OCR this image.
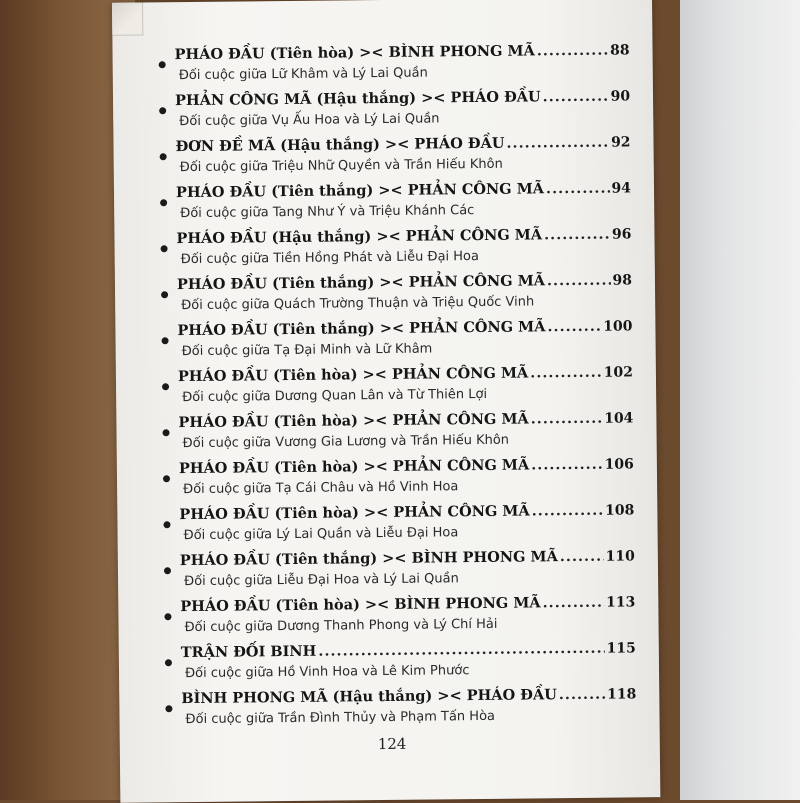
PHÁO ĐẦU (Tiên hòa) >< BÌNH PHONG MÃ .....	88
Đối cuộc giữa Lữ Khâm và Lý Lai Quần
PHẢN CÔNG MÃ (Hậu thắng) >< PHÁO ĐẦU .....	90
Đối cuộc giữa Vụ Ấu Hoa và Lý Lai Quần
ĐƠN ĐỀ MÃ (Hậu thắng) >< PHÁO ĐẦU .....	92
Đối cuộc giữa Triệu Nhữ Quyền và Trần Hiếu Khôn
PHÁO ĐẦU (Tiên thắng) >< PHẢN CÔNG MÃ .....	94
Đối cuộc giữa Tang Như Ý và Triệu Khánh Các
PHÁO ĐẦU (Hậu thắng) >< PHẢN CÔNG MÃ .....	96
Đối cuộc giữa Tiền Hồng Phát và Liễu Đại Hoa
PHÁO ĐẦU (Tiên thắng) >< PHẢN CÔNG MÃ .....	98
Đối cuộc giữa Quách Trường Thuận và Triệu Quốc Vinh
PHÁO ĐẦU (Tiên thắng) >< PHẢN CÔNG MÃ .....	100
Đối cuộc giữa Tạ Đại Minh và Lữ Khâm
PHÁO ĐẦU (Tiên hòa) >< PHẢN CÔNG MÃ .....	102
Đối cuộc giữa Dương Quan Lân và Từ Thiên Lợi
PHÁO ĐẦU (Tiên hòa) >< PHẢN CÔNG MÃ .....	104
Đối cuộc giữa Vương Gia Lương và Trần Hiếu Khôn
PHÁO ĐẦU (Tiên hòa) >< PHẢN CÔNG MÃ .....	106
Đối cuộc giữa Tạ Cái Châu và Hồ Vinh Hoa
PHÁO ĐẦU (Tiên hòa) >< PHẢN CÔNG MÃ .....	108
Đối cuộc giữa Lý Lai Quần và Liễu Đại Hoa
PHÁO ĐẦU (Tiên thắng) >< BÌNH PHONG MÃ .....	110
Đối cuộc giữa Liễu Đại Hoa và Lý Lai Quần
PHÁO ĐẦU (Tiên hòa) >< BÌNH PHONG MÃ .....	113
Đối cuộc giữa Dương Thanh Phong và Lý Chí Hải
TRẬN ĐỐI BINH .....	115
Đối cuộc giữa Hồ Vinh Hoa và Lê Kim Phước
BÌNH PHONG MÃ (Hậu thắng) >< PHÁO ĐẦU .....	118
Đối cuộc giữa Trần Đình Thủy và Phạm Tấn Hòa
124
